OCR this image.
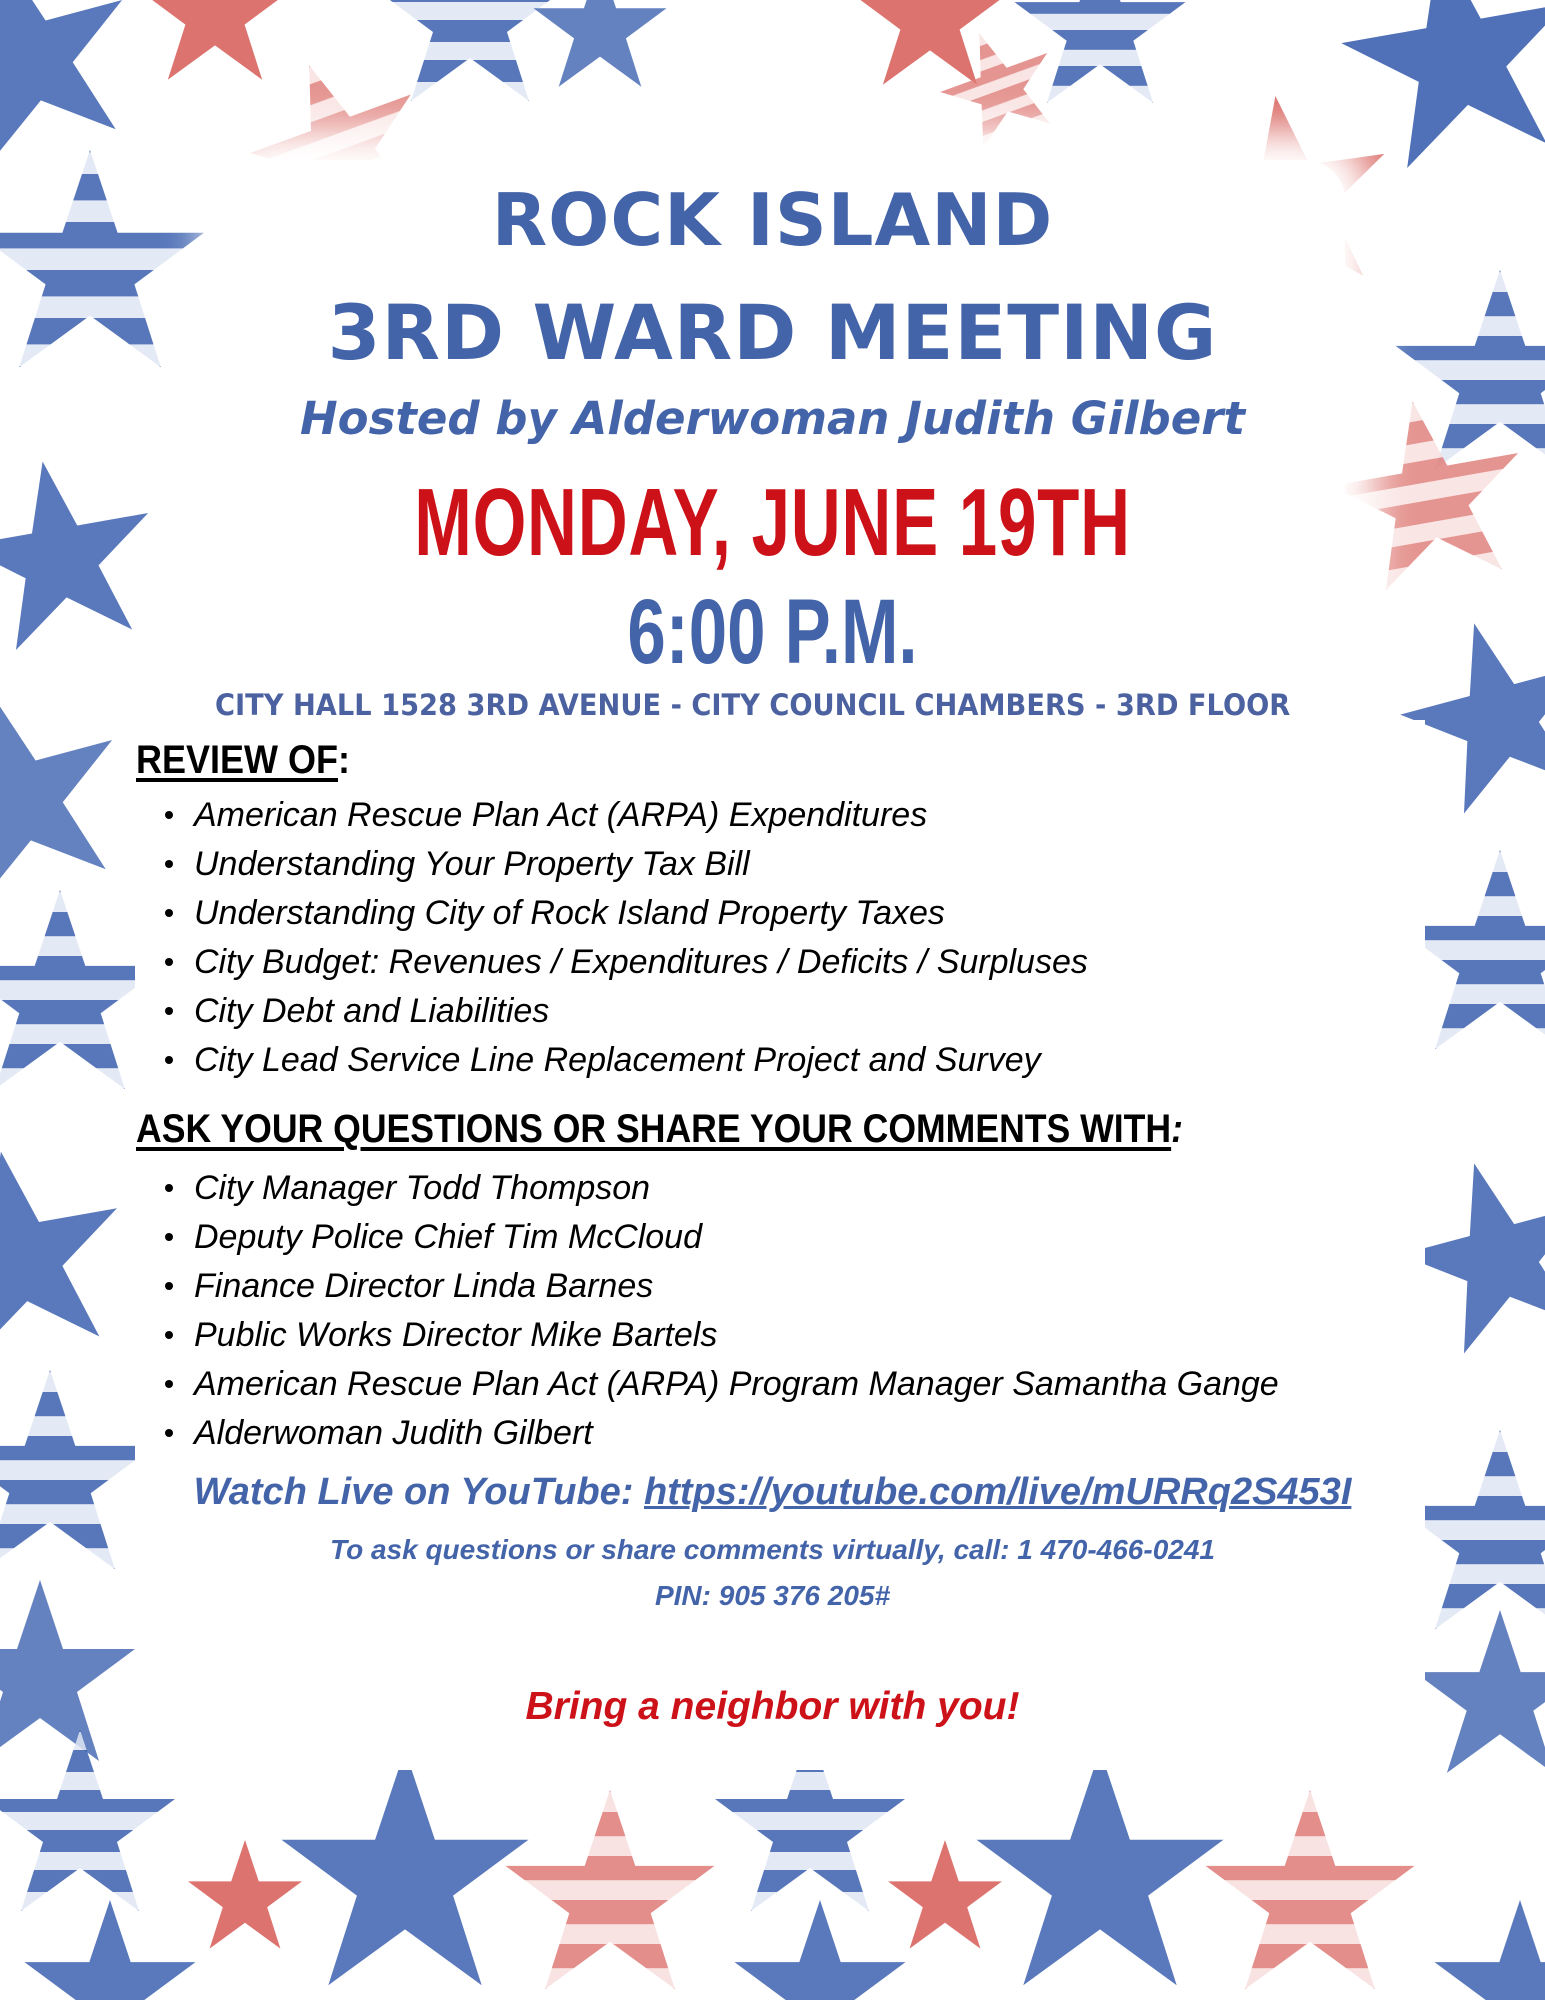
ROCK ISLAND
3RD WARD MEETING

Hosted by Alderwoman Judith Gilbert

MONDAY, JUNE 19TH

6:00 P.M.

CITY HALL 1528 3RD AVENUE - CITY COUNCIL CHAMBERS - 3RD FLOOR

REVIEW OF:
American Rescue Plan Act (ARPA) Expenditures
Understanding Your Property Tax Bill
Understanding City of Rock Island Property Taxes
City Budget: Revenues / Expenditures / Deficits / Surpluses
City Debt and Liabilities
City Lead Service Line Replacement Project and Survey
ASK YOUR QUESTIONS OR SHARE YOUR COMMENTS WITH:
City Manager Todd Thompson
Deputy Police Chief Tim McCloud
Finance Director Linda Barnes
Public Works Director Mike Bartels
American Rescue Plan Act (ARPA) Program Manager Samantha Gange
Alderwoman Judith Gilbert

Watch Live on YouTube: https://youtube.com/live/mURRq2S453I

To ask questions or share comments virtually, call: 1 470-466-0241

PIN: 905 376 205#

Bring a neighbor with you!
